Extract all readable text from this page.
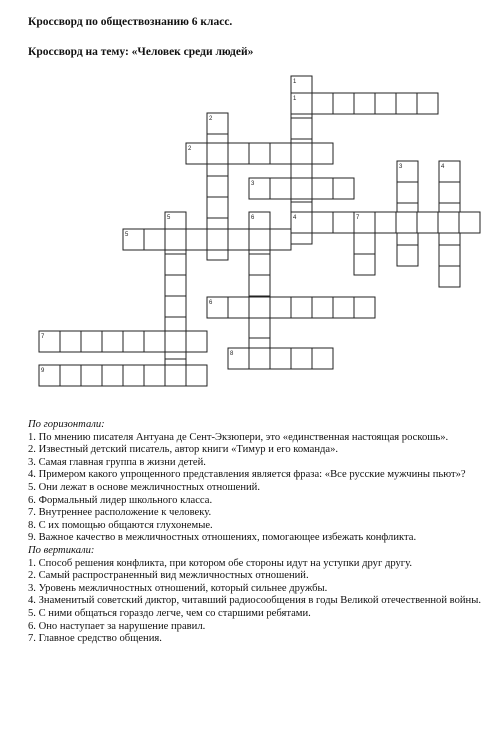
Кроссворд по обществознанию 6 класс.
Кроссворд на тему: «Человек среди людей»
1
1
2
2
3
3	4
5	6	4	7
5
6
7
8
9
По горизонтали:
1. По мнению писателя Антуана де Сент-Экзюпери, это «единственная настоящая роскошь».
2. Известный детский писатель, автор книги «Тимур и его команда».
3. Самая главная группа в жизни детей.
4. Примером какого упрощенного представления является фраза: «Все русские мужчины пьют»?
5. Они лежат в основе межличностных отношений.
6. Формальный лидер школьного класса.
7. Внутреннее расположение к человеку.
8. С их помощью общаются глухонемые.
9. Важное качество в межличностных отношениях, помогающее избежать конфликта.
По вертикали:
1. Способ решения конфликта, при котором обе стороны идут на уступки друг другу.
2. Самый распространенный вид межличностных отношений.
3. Уровень межличностных отношений, который сильнее дружбы.
4. Знаменитый советский диктор, читавший радиосообщения в годы Великой отечественной войны.
5. С ними общаться гораздо легче, чем со старшими ребятами.
6. Оно наступает за нарушение правил.
7. Главное средство общения.
